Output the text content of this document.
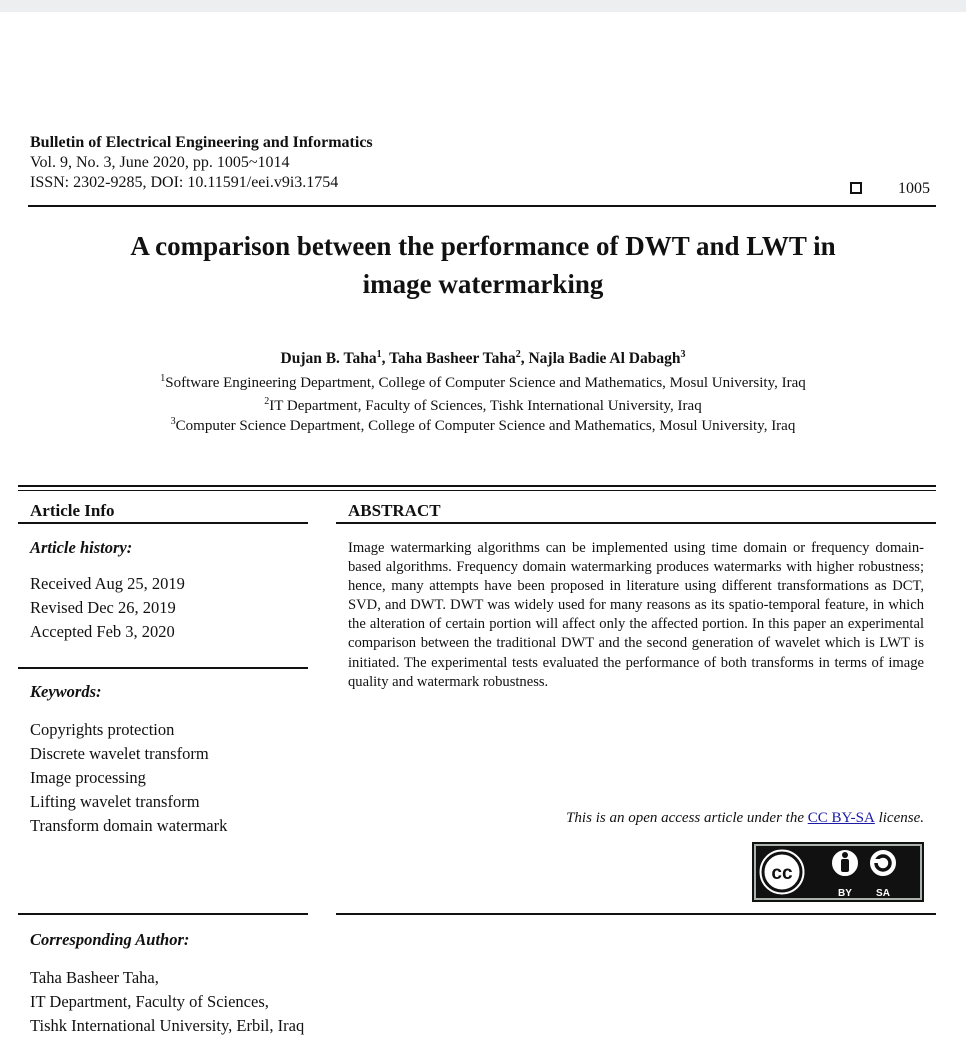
Bulletin of Electrical Engineering and Informatics
Vol. 9, No. 3, June 2020, pp. 1005~1014
ISSN: 2302-9285, DOI: 10.11591/eei.v9i3.1754	1005
A comparison between the performance of DWT and LWT in
image watermarking
Dujan B. Taha$^1$, Taha Basheer Taha$^2$, Najla Badie Al Dabagh$^3$
$^1$Software Engineering Department, College of Computer Science and Mathematics, Mosul University, Iraq
$^2$IT Department, Faculty of Sciences, Tishk International University, Iraq
$^3$Computer Science Department, College of Computer Science and Mathematics, Mosul University, Iraq
Article Info
Article history:
Received Aug 25, 2019
Revised Dec 26, 2019
Accepted Feb 3, 2020
Keywords:
Copyrights protection
Discrete wavelet transform
Image processing
Lifting wavelet transform
Transform domain watermark
ABSTRACT
Image watermarking algorithms can be implemented using time domain or frequency domain-based algorithms. Frequency domain watermarking produces watermarks with higher robustness; hence, many attempts have been proposed in literature using different transformations as DCT, SVD, and DWT. DWT was widely used for many reasons as its spatio-temporal feature, in which the alteration of certain portion will affect only the affected portion. In this paper an experimental comparison between the traditional DWT and the second generation of wavelet which is LWT is initiated. The experimental tests evaluated the performance of both transforms in terms of image quality and watermark robustness.
This is an open access article under the CC BY-SA license.
cc
BY SA
Corresponding Author:
Taha Basheer Taha,
IT Department, Faculty of Sciences,
Tishk International University, Erbil, Iraq
